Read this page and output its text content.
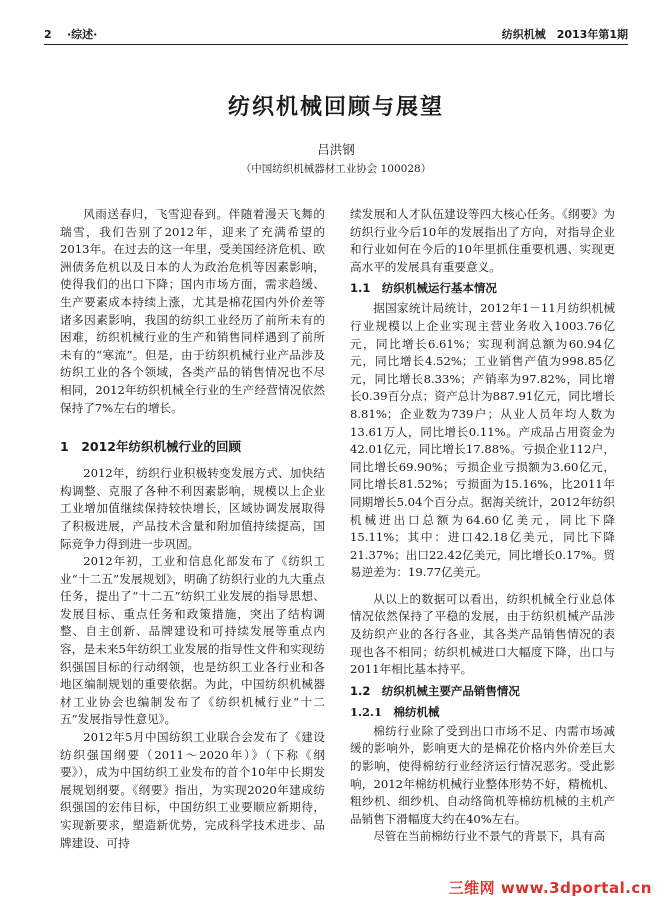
2 ·综述·	纺织机械　2013年第1期
纺织机械回顾与展望
吕洪钢
（中国纺织机械器材工业协会 100028）

风雨送春归，飞雪迎春到。伴随着漫天飞舞的瑞雪，我们告别了2012年，迎来了充满希望的2013年。在过去的这一年里，受美国经济危机、欧洲债务危机以及日本的人为政治危机等因素影响，使得我们的出口下降；国内市场方面，需求趋缓、生产要素成本持续上涨，尤其是棉花国内外价差等诸多因素影响，我国的纺织工业经历了前所未有的困难，纺织机械行业的生产和销售同样遇到了前所未有的“寒流”。但是，由于纺织机械行业产品涉及纺织工业的各个领域，各类产品的销售情况也不尽相同，2012年纺织机械全行业的生产经营情况依然保持了7%左右的增长。

1　2012年纺织机械行业的回顾

2012年，纺织行业积极转变发展方式、加快结构调整、克服了各种不利因素影响，规模以上企业工业增加值继续保持较快增长，区域协调发展取得了积极进展，产品技术含量和附加值持续提高，国际竞争力得到进一步巩固。

2012年初，工业和信息化部发布了《纺织工业“十二五”发展规划》，明确了纺织行业的九大重点任务，提出了“十二五”纺织工业发展的指导思想、发展目标、重点任务和政策措施，突出了结构调整、自主创新、品牌建设和可持续发展等重点内容，是未来5年纺织工业发展的指导性文件和实现纺织强国目标的行动纲领，也是纺织工业各行业和各地区编制规划的重要依据。为此，中国纺织机械器材工业协会也编制发布了《纺织机械行业“十二五”发展指导性意见》。

2012年5月中国纺织工业联合会发布了《建设纺织强国纲要（2011～2020年）》（下称《纲要》），成为中国纺织工业发布的首个10年中长期发展规划纲要。《纲要》指出，为实现2020年建成纺织强国的宏伟目标，中国纺织工业要顺应新期待，实现新要求，塑造新优势，完成科学技术进步、品牌建设、可持

续发展和人才队伍建设等四大核心任务。《纲要》为纺织行业今后10年的发展指出了方向，对指导企业和行业如何在今后的10年里抓住重要机遇、实现更高水平的发展具有重要意义。

1.1　纺织机械运行基本情况

据国家统计局统计，2012年1－11月纺织机械行业规模以上企业实现主营业务收入1003.76亿元，同比增长6.61%；实现利润总额为60.94亿元，同比增长4.52%；工业销售产值为998.85亿元，同比增长8.33%；产销率为97.82%，同比增长0.39百分点；资产总计为887.91亿元，同比增长8.81%；企业数为739户；从业人员年均人数为13.61万人，同比增长0.11%。产成品占用资金为42.01亿元，同比增长17.88%。亏损企业112户，同比增长69.90%；亏损企业亏损额为3.60亿元，同比增长81.52%；亏损面为15.16%，比2011年同期增长5.04个百分点。据海关统计，2012年纺织机械进出口总额为64.60亿美元，同比下降15.11%；其中：进口42.18亿美元，同比下降21.37%；出口22.42亿美元，同比增长0.17%。贸易逆差为：19.77亿美元。

从以上的数据可以看出，纺织机械全行业总体情况依然保持了平稳的发展，由于纺织机械产品涉及纺织产业的各行各业，其各类产品销售情况的表现也各不相同；纺织机械进口大幅度下降，出口与2011年相比基本持平。

1.2　纺织机械主要产品销售情况
1.2.1　棉纺机械

棉纺行业除了受到出口市场不足、内需市场减缓的影响外，影响更大的是棉花价格内外价差巨大的影响，使得棉纺行业经济运行情况恶劣。受此影响，2012年棉纺机械行业整体形势不好，精梳机、粗纱机、细纱机、自动络筒机等棉纺机械的主机产品销售下滑幅度大约在40%左右。

尽管在当前棉纺行业不景气的背景下，具有高

三维网 www.3dportal.cn
